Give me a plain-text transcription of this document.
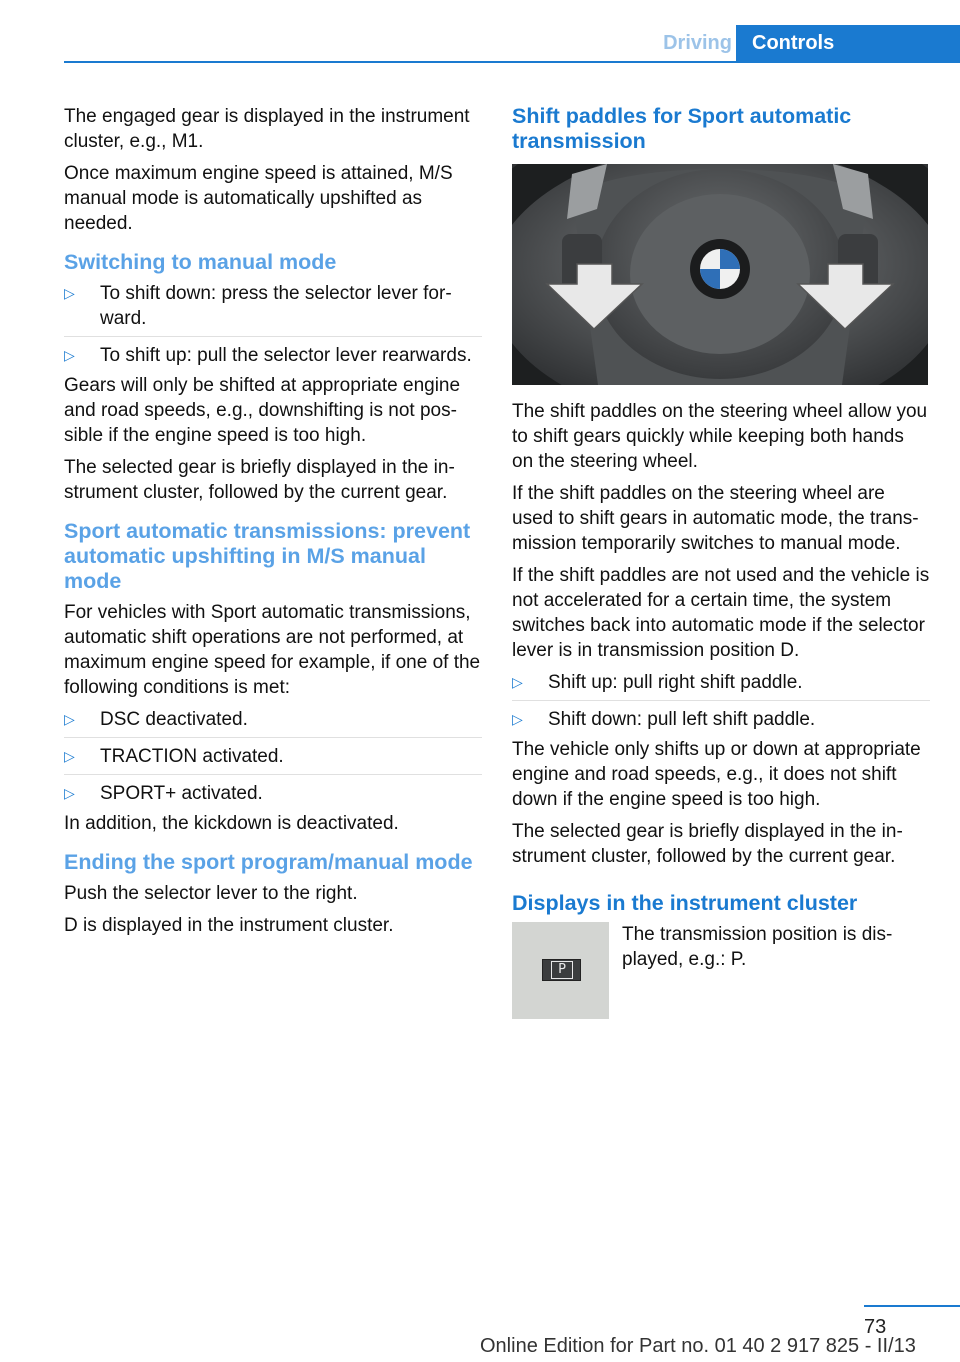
Driving	Controls

The engaged gear is displayed in the instrument cluster, e.g., M1.

Once maximum engine speed is attained, M/S manual mode is automatically upshifted as needed.

Switching to manual mode
▷	To shift down: press the selector lever forward.
▷	To shift up: pull the selector lever rearwards.

Gears will only be shifted at appropriate engine and road speeds, e.g., downshifting is not possible if the engine speed is too high.

The selected gear is briefly displayed in the instrument cluster, followed by the current gear.

Sport automatic transmissions: prevent automatic upshifting in M/S manual mode

For vehicles with Sport automatic transmissions, automatic shift operations are not performed, at maximum engine speed for example, if one of the following conditions is met:

▷	DSC deactivated.
▷	TRACTION activated.
▷	SPORT+ activated.

In addition, the kickdown is deactivated.

Ending the sport program/manual mode

Push the selector lever to the right.

D is displayed in the instrument cluster.

Shift paddles for Sport automatic transmission

The shift paddles on the steering wheel allow you to shift gears quickly while keeping both hands on the steering wheel.

If the shift paddles on the steering wheel are used to shift gears in automatic mode, the transmission temporarily switches to manual mode.

If the shift paddles are not used and the vehicle is not accelerated for a certain time, the system switches back into automatic mode if the selector lever is in transmission position D.

▷	Shift up: pull right shift paddle.
▷	Shift down: pull left shift paddle.

The vehicle only shifts up or down at appropriate engine and road speeds, e.g., it does not shift down if the engine speed is too high.

The selected gear is briefly displayed in the instrument cluster, followed by the current gear.

Displays in the instrument cluster
P
The transmission position is displayed, e.g.: P.
73
Online Edition for Part no. 01 40 2 917 825 - II/13
